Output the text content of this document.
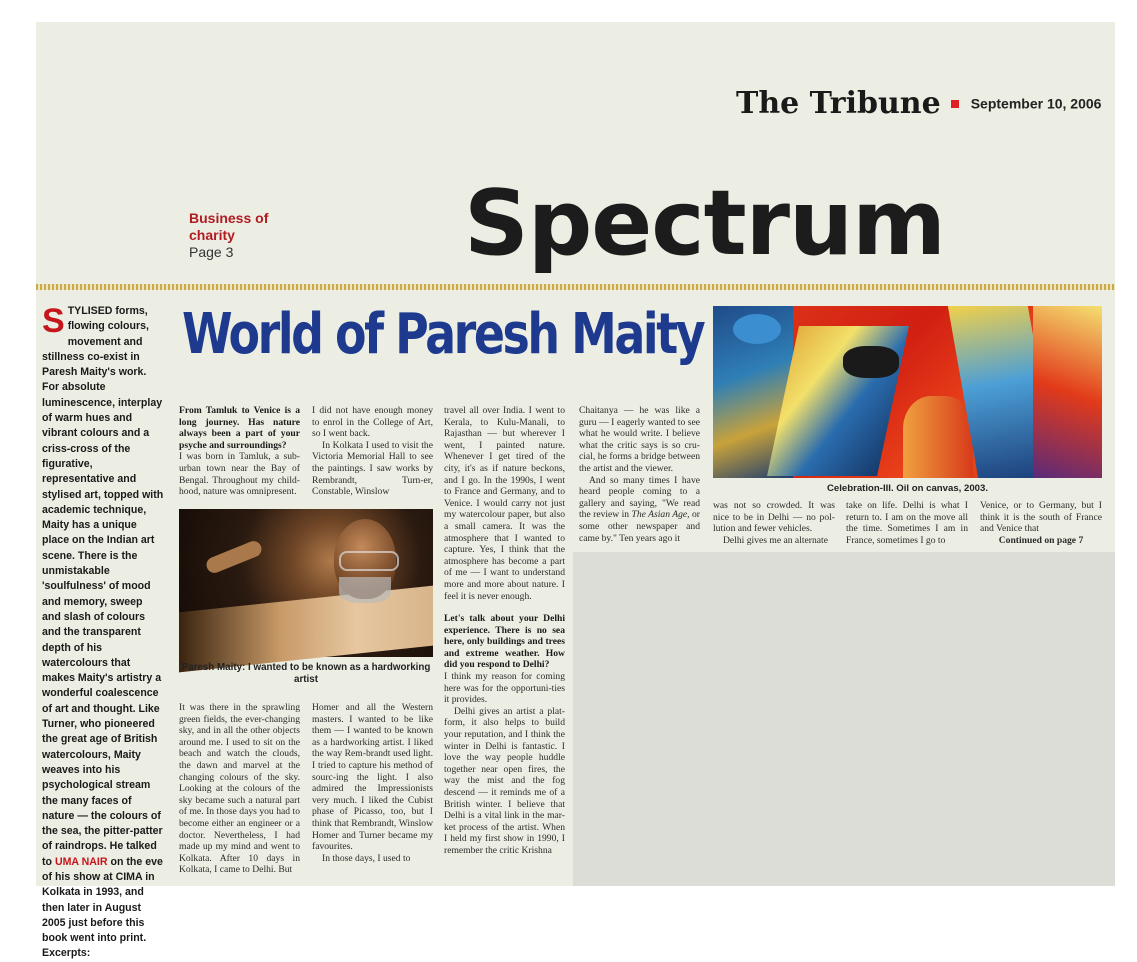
The Tribune September 10, 2006
Business of
charity
Page 3	Spectrum
STYLISED forms, flowing colours, movement and stillness co-exist in Paresh Maity's work. For absolute luminescence, interplay of warm hues and vibrant colours and a criss-cross of the figurative, representative and stylised art, topped with academic technique, Maity has a unique place on the Indian art scene. There is the unmistakable 'soulfulness' of mood and memory, sweep and slash of colours and the transparent depth of his watercolours that makes Maity's artistry a wonderful coalescence of art and thought. Like Turner, who pioneered the great age of British watercolours, Maity weaves into his psychological stream the many faces of nature — the colours of the sea, the pitter-patter of raindrops. He talked to UMA NAIR on the eve of his show at CIMA in Kolkata in 1993, and then later in August 2005 just before this book went into print. Excerpts:
World of Paresh Maity

From Tamluk to Venice is a long journey. Has nature always been a part of your psyche and surroundings?

I was born in Tamluk, a sub-urban town near the Bay of Bengal. Throughout my child-hood, nature was omnipresent.

I did not have enough money to enrol in the College of Art, so I went back.

In Kolkata I used to visit the Victoria Memorial Hall to see the paintings. I saw works by Rembrandt, Turn-er, Constable, Winslow

travel all over India. I went to Kerala, to Kulu-Manali, to Rajasthan — but wherever I went, I painted nature. Whenever I get tired of the city, it's as if nature beckons, and I go. In the 1990s, I went to France and Germany, and to Venice. I would carry not just my watercolour paper, but also a small camera. It was the atmosphere that I wanted to capture. Yes, I think that the atmosphere has become a part of me — I want to understand more and more about nature. I feel it is never enough.

Let's talk about your Delhi experience. There is no sea here, only buildings and trees and extreme weather. How did you respond to Delhi?

I think my reason for coming here was for the opportuni-ties it provides.

Delhi gives an artist a plat-form, it also helps to build your reputation, and I think the winter in Delhi is fantastic. I love the way people huddle together near open fires, the way the mist and the fog descend — it reminds me of a British winter. I believe that Delhi is a vital link in the mar-ket process of the artist. When I held my first show in 1990, I remember the critic Krishna

Chaitanya — he was like a guru — I eagerly wanted to see what he would write. I believe what the critic says is so cru-cial, he forms a bridge between the artist and the viewer.

And so many times I have heard people coming to a gallery and saying, "We read the review in The Asian Age, or some other newspaper and came by." Ten years ago it

Paresh Maity: I wanted to be known as a hardworking artist

It was there in the sprawling green fields, the ever-changing sky, and in all the other objects around me. I used to sit on the beach and watch the clouds, the dawn and marvel at the changing colours of the sky. Looking at the colours of the sky became such a natural part of me. In those days you had to become either an engineer or a doctor. Nevertheless, I had made up my mind and went to Kolkata. After 10 days in Kolkata, I came to Delhi. But

Homer and all the Western masters. I wanted to be like them — I wanted to be known as a hardworking artist. I liked the way Rem-brandt used light. I tried to capture his method of sourc-ing the light. I also admired the Impressionists very much. I liked the Cubist phase of Picasso, too, but I think that Rembrandt, Winslow Homer and Turner became my favourites.

In those days, I used to

Celebration-III. Oil on canvas, 2003.

was not so crowded. It was nice to be in Delhi — no pol-lution and fewer vehicles.

Delhi gives me an alternate

take on life. Delhi is what I return to. I am on the move all the time. Sometimes I am in France, sometimes I go to

Venice, or to Germany, but I think it is the south of France and Venice that

Continued on page 7
